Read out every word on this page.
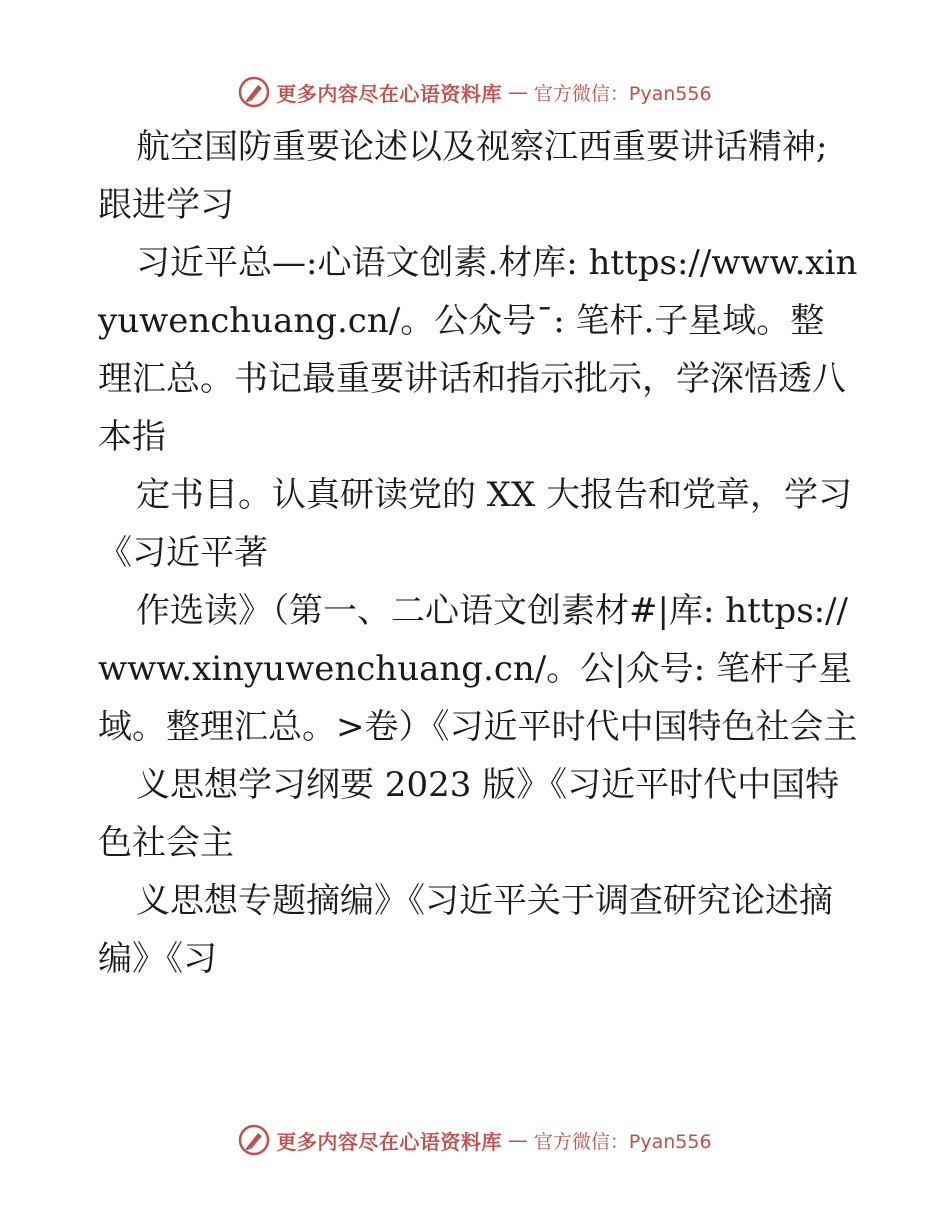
更多内容尽在心语资料库 — 官方微信：Pyan556

航空国防重要论述以及视察江西重要讲话精神;跟进学习

习近平总—:心语文创素.材库: https://www.xinyuwenchuang.cn/。公众号¯: 笔杆.子星域。整理汇总。书记最重要讲话和指示批示，学深悟透八本指

定书目。认真研读党的 XX 大报告和党章，学习《习近平著

作选读》（第一、二心语文创素材#|库: https://www.xinyuwenchuang.cn/。公|众号: 笔杆子星域。整理汇总。>卷）《习近平时代中国特色社会主

义思想学习纲要 2023 版》《习近平时代中国特色社会主

义思想专题摘编》《习近平关于调查研究论述摘编》《习

更多内容尽在心语资料库 — 官方微信：Pyan556
